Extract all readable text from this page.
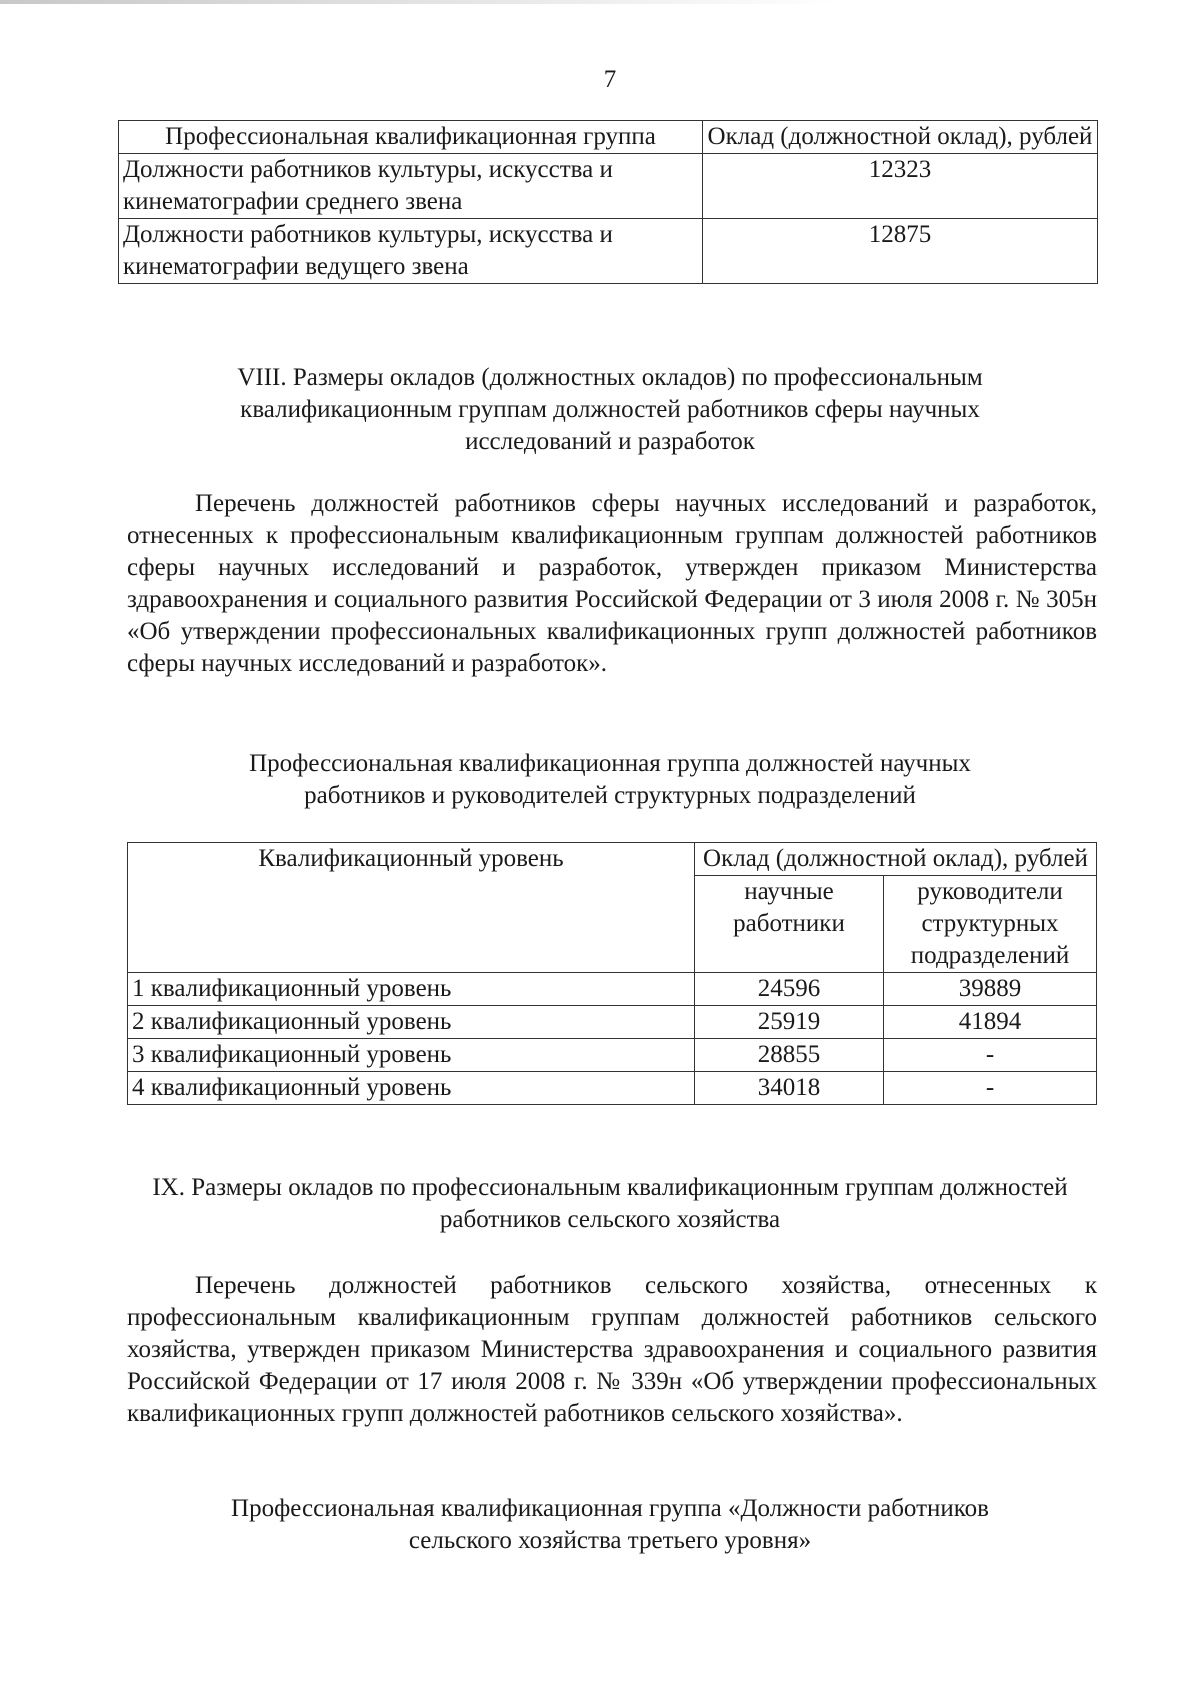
7
Профессиональная квалификационная группа	Оклад (должностной оклад), рублей
Должности работников культуры, искусства и кинематографии среднего звена	12323
Должности работников культуры, искусства и кинематографии ведущего звена	12875
VIII. Размеры окладов (должностных окладов) по профессиональным квалификационным группам должностей работников сферы научных исследований и разработок
Перечень должностей работников сферы научных исследований и разработок, отнесенных к профессиональным квалификационным группам должностей работников сферы научных исследований и разработок, утвержден приказом Министерства здравоохранения и социального развития Российской Федерации от 3 июля 2008 г. № 305н «Об утверждении профессиональных квалификационных групп должностей работников сферы научных исследований и разработок».
Профессиональная квалификационная группа должностей научных работников и руководителей структурных подразделений
Квалификационный уровень	Оклад (должностной оклад), рублей	
	научные работники	руководители структурных подразделений
1 квалификационный уровень	24596	39889
2 квалификационный уровень	25919	41894
3 квалификационный уровень	28855	-
4 квалификационный уровень	34018	-
IX. Размеры окладов по профессиональным квалификационным группам должностей работников сельского хозяйства
Перечень должностей работников сельского хозяйства, отнесенных к профессиональным квалификационным группам должностей работников сельского хозяйства, утвержден приказом Министерства здравоохранения и социального развития Российской Федерации от 17 июля 2008 г. № 339н «Об утверждении профессиональных квалификационных групп должностей работников сельского хозяйства».
Профессиональная квалификационная группа «Должности работников сельского хозяйства третьего уровня»
